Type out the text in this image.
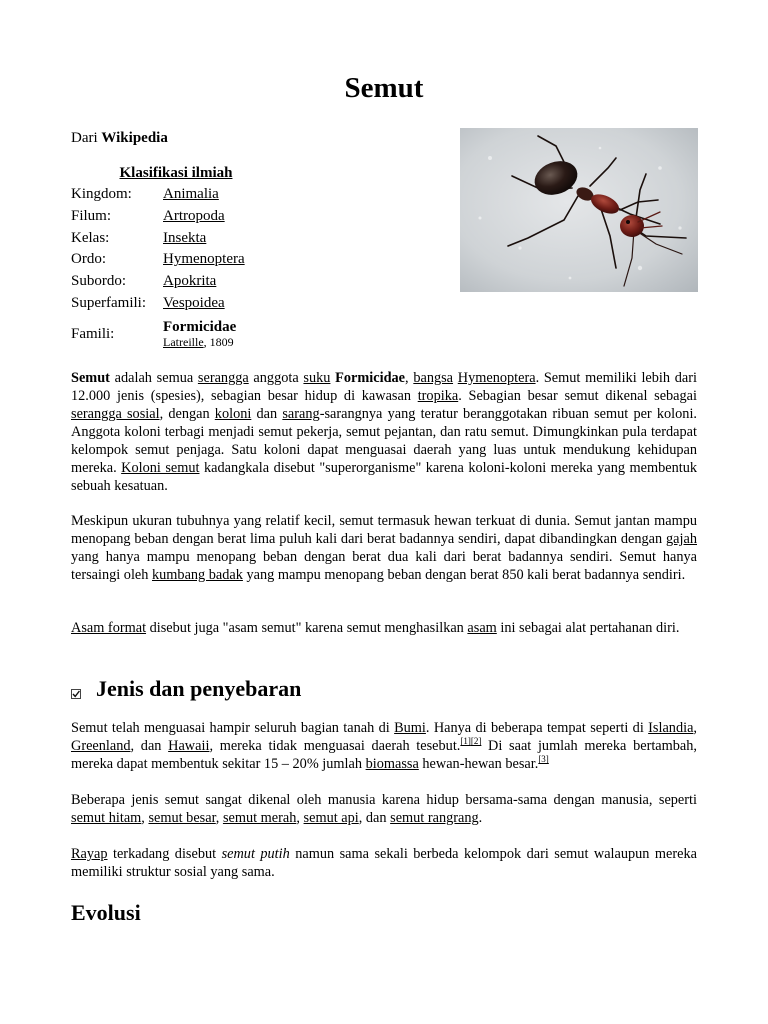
Semut
Dari Wikipedia
Klasifikasi ilmiah	
Kingdom:	Animalia
Filum:	Artropoda
Kelas:	Insekta
Ordo:	Hymenoptera
Subordo:	Apokrita
Superfamili:	Vespoidea
Famili:	Formicidae
Latreille, 1809

Semut adalah semua serangga anggota suku Formicidae, bangsa Hymenoptera. Semut memiliki lebih dari 12.000 jenis (spesies), sebagian besar hidup di kawasan tropika. Sebagian besar semut dikenal sebagai serangga sosial, dengan koloni dan sarang-sarangnya yang teratur beranggotakan ribuan semut per koloni. Anggota koloni terbagi menjadi semut pekerja, semut pejantan, dan ratu semut. Dimungkinkan pula terdapat kelompok semut penjaga. Satu koloni dapat menguasai daerah yang luas untuk mendukung kehidupan mereka. Koloni semut kadangkala disebut "superorganisme" karena koloni-koloni mereka yang membentuk sebuah kesatuan.

Meskipun ukuran tubuhnya yang relatif kecil, semut termasuk hewan terkuat di dunia. Semut jantan mampu menopang beban dengan berat lima puluh kali dari berat badannya sendiri, dapat dibandingkan dengan gajah yang hanya mampu menopang beban dengan berat dua kali dari berat badannya sendiri. Semut hanya tersaingi oleh kumbang badak yang mampu menopang beban dengan berat 850 kali berat badannya sendiri.

Asam format disebut juga "asam semut" karena semut menghasilkan asam ini sebagai alat pertahanan diri.

Jenis dan penyebaran

Semut telah menguasai hampir seluruh bagian tanah di Bumi. Hanya di beberapa tempat seperti di Islandia, Greenland, dan Hawaii, mereka tidak menguasai daerah tesebut.[1][2] Di saat jumlah mereka bertambah, mereka dapat membentuk sekitar 15 – 20% jumlah biomassa hewan-hewan besar.[3]

Beberapa jenis semut sangat dikenal oleh manusia karena hidup bersama-sama dengan manusia, seperti semut hitam, semut besar, semut merah, semut api, dan semut rangrang.

Rayap terkadang disebut semut putih namun sama sekali berbeda kelompok dari semut walaupun mereka memiliki struktur sosial yang sama.

Evolusi
